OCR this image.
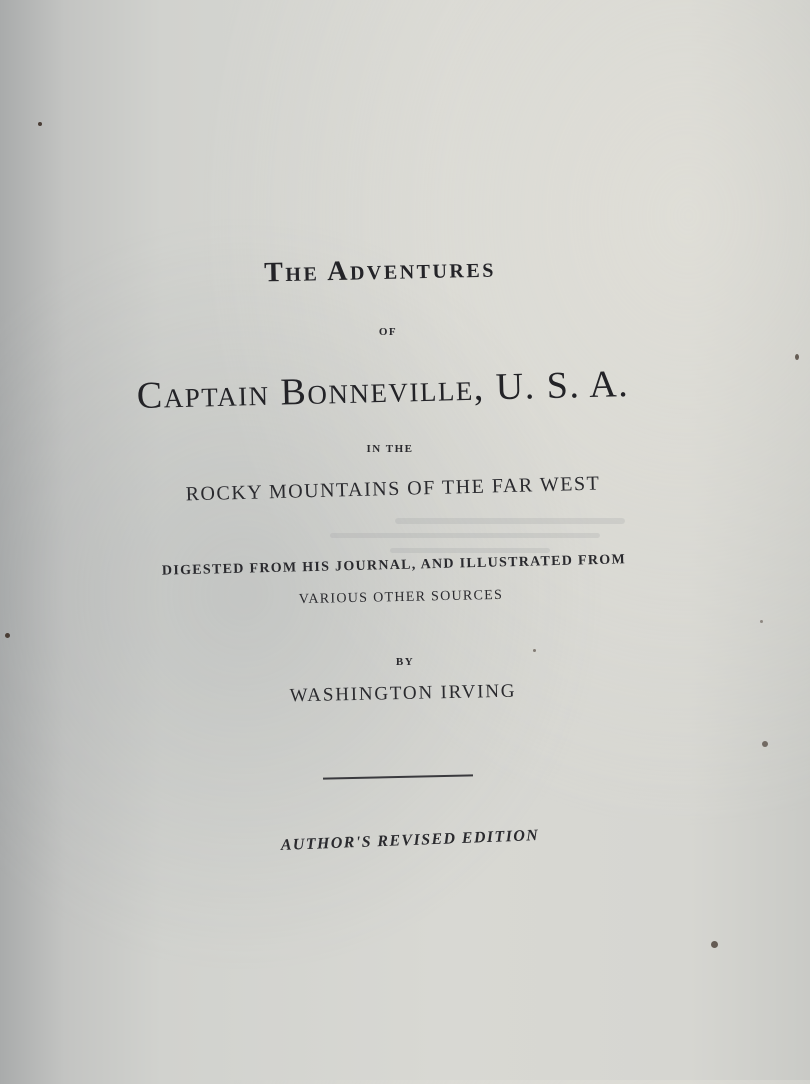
The Adventures
OF
Captain Bonneville, U. S. A.
IN THE
ROCKY MOUNTAINS OF THE FAR WEST
DIGESTED FROM HIS JOURNAL, AND ILLUSTRATED FROM
VARIOUS OTHER SOURCES
BY
WASHINGTON IRVING
AUTHOR'S REVISED EDITION
